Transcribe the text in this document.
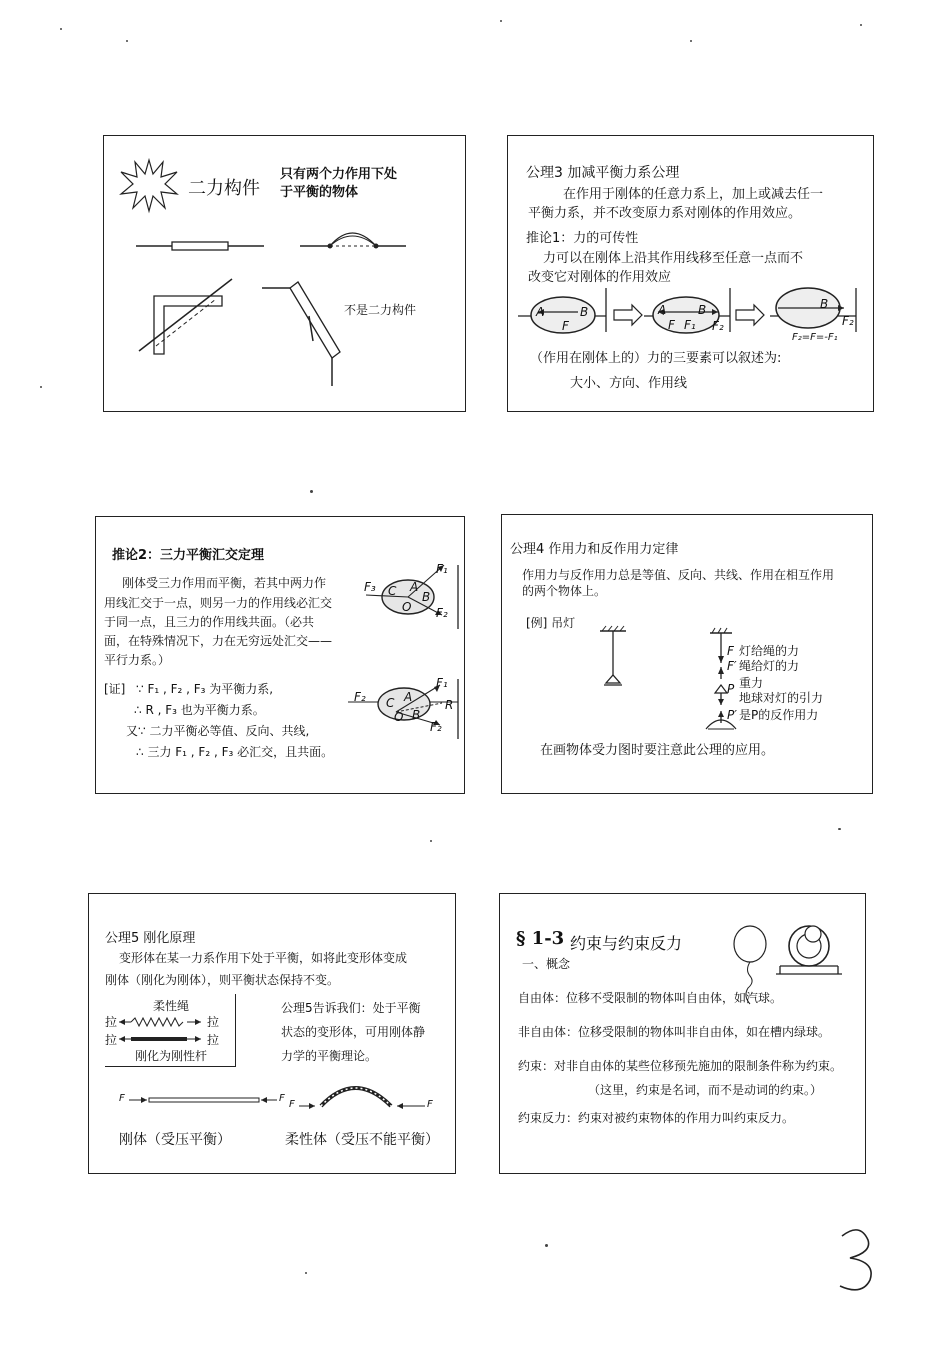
二力构件
只有两个力作用下处
于平衡的物体
不是二力构件
公理3 加减平衡力系公理
在作用于刚体的任意力系上，加上或减去任一
平衡力系，并不改变原力系对刚体的作用效应。
推论1：力的可传性
力可以在刚体上沿其作用线移至任意一点而不
改变它对刚体的作用效应
A	B
F
A	B
F F₁ F₂
B
F₂
F₂=F=-F₁
（作用在刚体上的）力的三要素可以叙述为:
大小、方向、作用线
推论2：三力平衡汇交定理
刚体受三力作用而平衡，若其中两力作
用线汇交于一点，则另一力的作用线必汇交
于同一点，且三力的作用线共面。（必共
面，在特殊情况下，力在无穷远处汇交——
平行力系。）
[证] ∵ F₁ , F₂ , F₃ 为平衡力系,
∴ R , F₃ 也为平衡力系。
又∵ 二力平衡必等值、反向、共线,
∴ 三力 F₁ , F₂ , F₃ 必汇交，且共面。
F₁
F₃ C A
B
O F₂
F₁
F₂ C A
R
O B
F₂
公理4 作用力和反作用力定律
作用力与反作用力总是等值、反向、共线、作用在相互作用
的两个物体上。
[例] 吊灯
F 灯给绳的力
F′ 绳给灯的力
P 重力
地球对灯的引力
P′ 是P的反作用力
在画物体受力图时要注意此公理的应用。
公理5 刚化原理
变形体在某一力系作用下处于平衡，如将此变形体变成
刚体（刚化为刚体），则平衡状态保持不变。
柔性绳
拉	拉
拉	拉
刚化为刚性杆
公理5告诉我们：处于平衡
状态的变形体，可用刚体静
力学的平衡理论。
F	F
F	F
刚体（受压平衡）	柔性体（受压不能平衡）
§ 1-3 约束与约束反力
一、概念
自由体：位移不受限制的物体叫自由体，如汽球。
非自由体：位移受限制的物体叫非自由体，如在槽内绿球。
约束：对非自由体的某些位移预先施加的限制条件称为约束。
（这里，约束是名词，而不是动词的约束。）
约束反力：约束对被约束物体的作用力叫约束反力。
